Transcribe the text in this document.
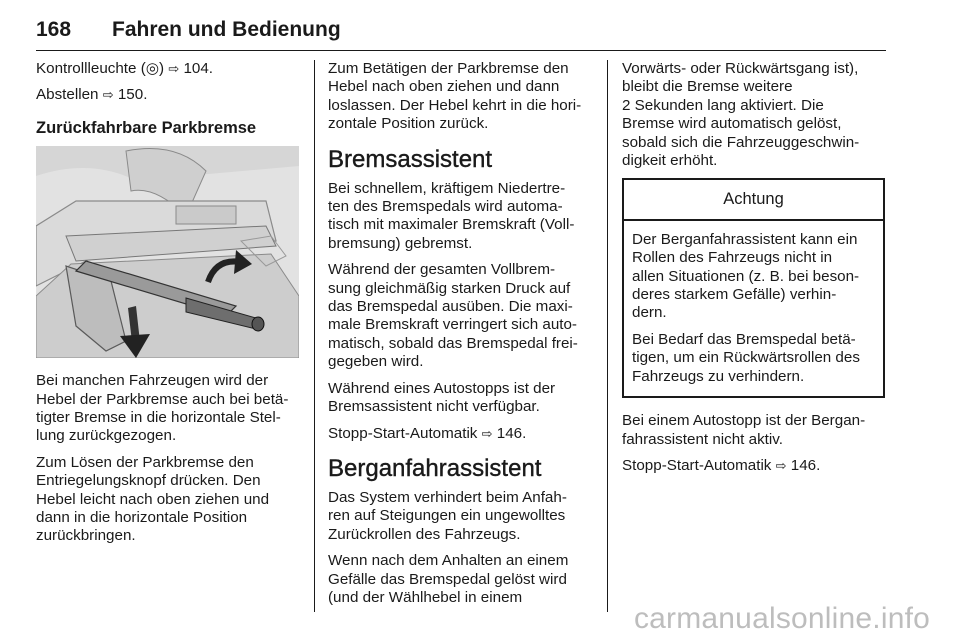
168 Fahren und Bedienung

Kontrollleuchte (◎) ⇨ 104.

Abstellen ⇨ 150.

Zurückfahrbare Parkbremse

Bei manchen Fahrzeugen wird der
Hebel der Parkbremse auch bei betä-
tigter Bremse in die horizontale Stel-
lung zurückgezogen.

Zum Lösen der Parkbremse den
Entriegelungsknopf drücken. Den
Hebel leicht nach oben ziehen und
dann in die horizontale Position
zurückbringen.

Zum Betätigen der Parkbremse den
Hebel nach oben ziehen und dann
loslassen. Der Hebel kehrt in die hori-
zontale Position zurück.

Bremsassistent

Bei schnellem, kräftigem Niedertre-
ten des Bremspedals wird automa-
tisch mit maximaler Bremskraft (Voll-
bremsung) gebremst.

Während der gesamten Vollbrem-
sung gleichmäßig starken Druck auf
das Bremspedal ausüben. Die maxi-
male Bremskraft verringert sich auto-
matisch, sobald das Bremspedal frei-
gegeben wird.

Während eines Autostopps ist der
Bremsassistent nicht verfügbar.

Stopp-Start-Automatik ⇨ 146.

Berganfahrassistent

Das System verhindert beim Anfah-
ren auf Steigungen ein ungewolltes
Zurückrollen des Fahrzeugs.

Wenn nach dem Anhalten an einem
Gefälle das Bremspedal gelöst wird
(und der Wählhebel in einem

Vorwärts- oder Rückwärtsgang ist),
bleibt die Bremse weitere
2 Sekunden lang aktiviert. Die
Bremse wird automatisch gelöst,
sobald sich die Fahrzeuggeschwin-
digkeit erhöht.

Achtung

Der Berganfahrassistent kann ein
Rollen des Fahrzeugs nicht in
allen Situationen (z. B. bei beson-
deres starkem Gefälle) verhin-
dern.

Bei Bedarf das Bremspedal betä-
tigen, um ein Rückwärtsrollen des
Fahrzeugs zu verhindern.

Bei einem Autostopp ist der Bergan-
fahrassistent nicht aktiv.

Stopp-Start-Automatik ⇨ 146.

carmanualsonline.info
